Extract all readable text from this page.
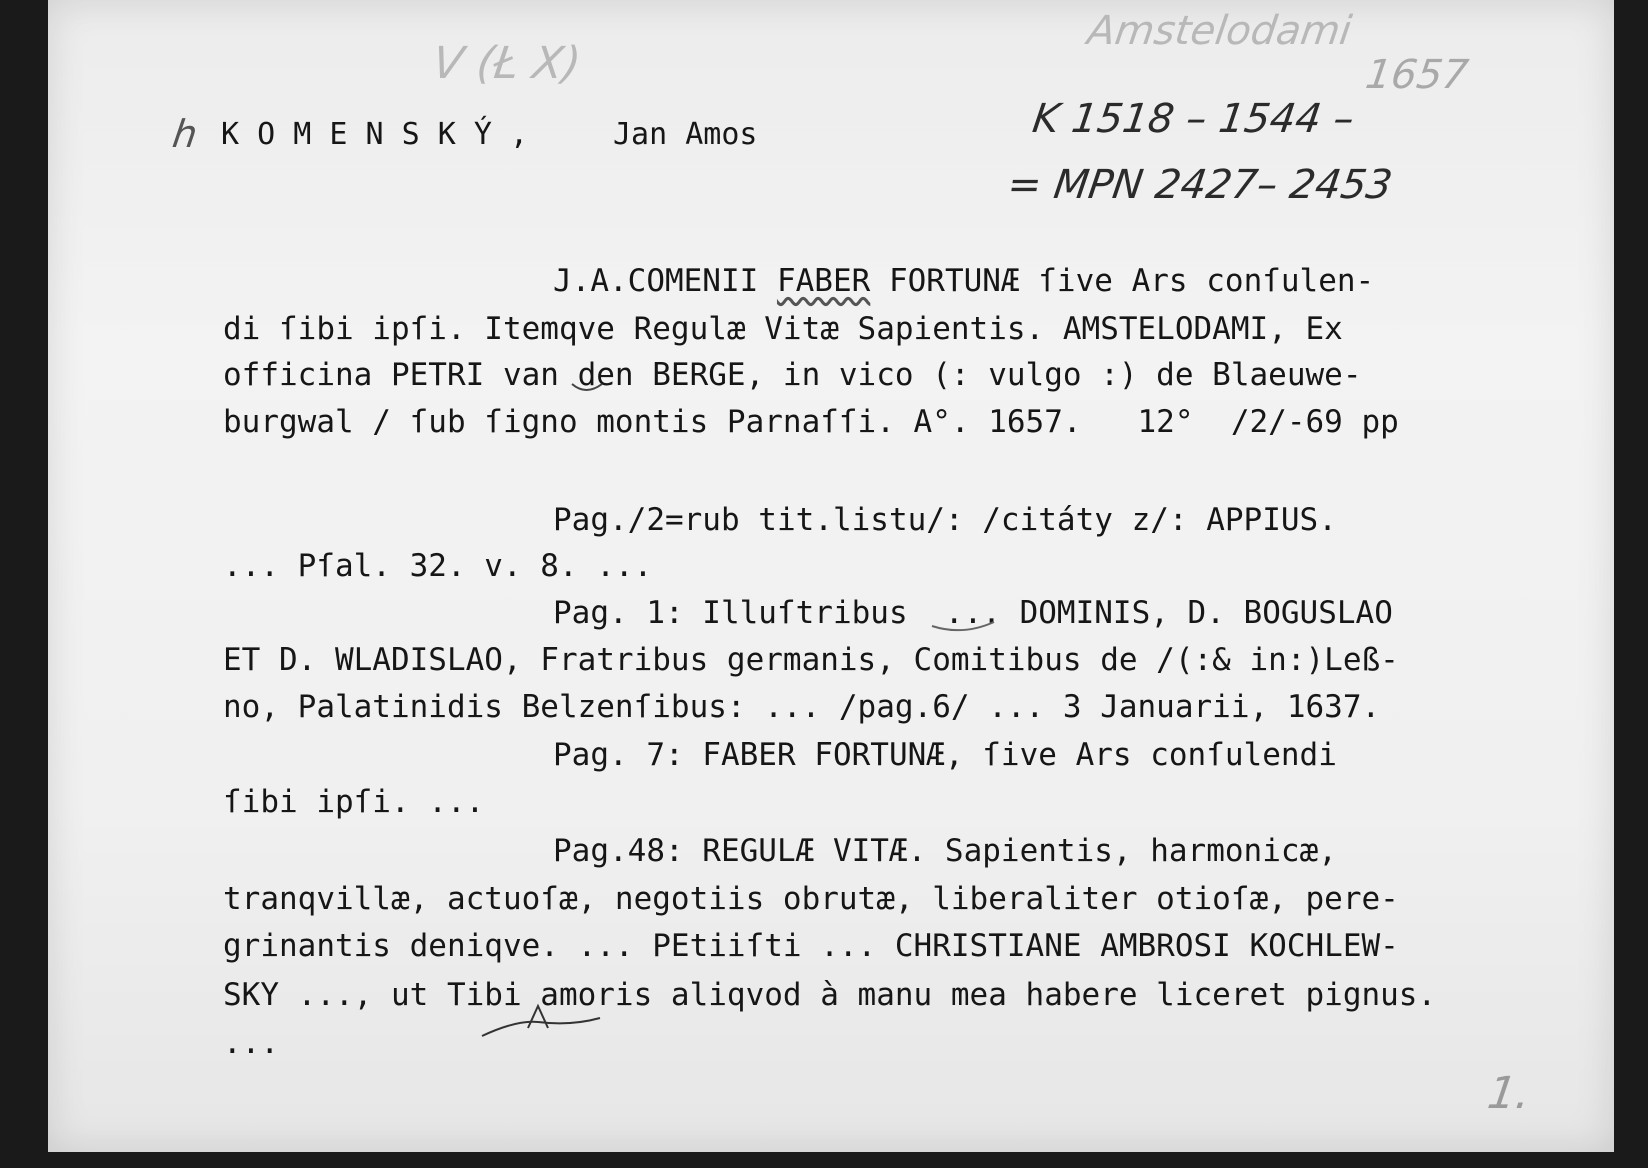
V (Ł X)
Amstelodami
1657
h K O M E N S K Ý ,	Jan Amos	K 1518 – 1544 –
= MPN 2427– 2453
J.A.COMENII FABER FORTUNÆ ſive Ars conſulen-
di ſibi ipſi. Itemqve Regulæ Vitæ Sapientis. AMSTELODAMI, Ex
officina PETRI van den BERGE, in vico (: vulgo :) de Blaeuwe-
burgwal / ſub ſigno montis Parnaſſi. A°. 1657.   12°  /2/-69 pp
Pag./2=rub tit.listu/: /citáty z/: APPIUS.
... Pſal. 32. v. 8. ...
Pag. 1: Illuſtribus  ... DOMINIS, D. BOGUSLAO
ET D. WLADISLAO, Fratribus germanis, Comitibus de /(:& in:)Leß-
no, Palatinidis Belzenſibus: ... /pag.6/ ... 3 Januarii, 1637.
Pag. 7: FABER FORTUNÆ, ſive Ars conſulendi
ſibi ipſi. ...
Pag.48: REGULÆ VITÆ. Sapientis, harmonicæ,
tranqvillæ, actuoſæ, negotiis obrutæ, liberaliter otioſæ, pere-
grinantis deniqve. ... PEtiiſti ... CHRISTIANE AMBROSI KOCHLEW-
SKY ..., ut Tibi amoris aliqvod à manu mea habere liceret pignus.
...
1.
